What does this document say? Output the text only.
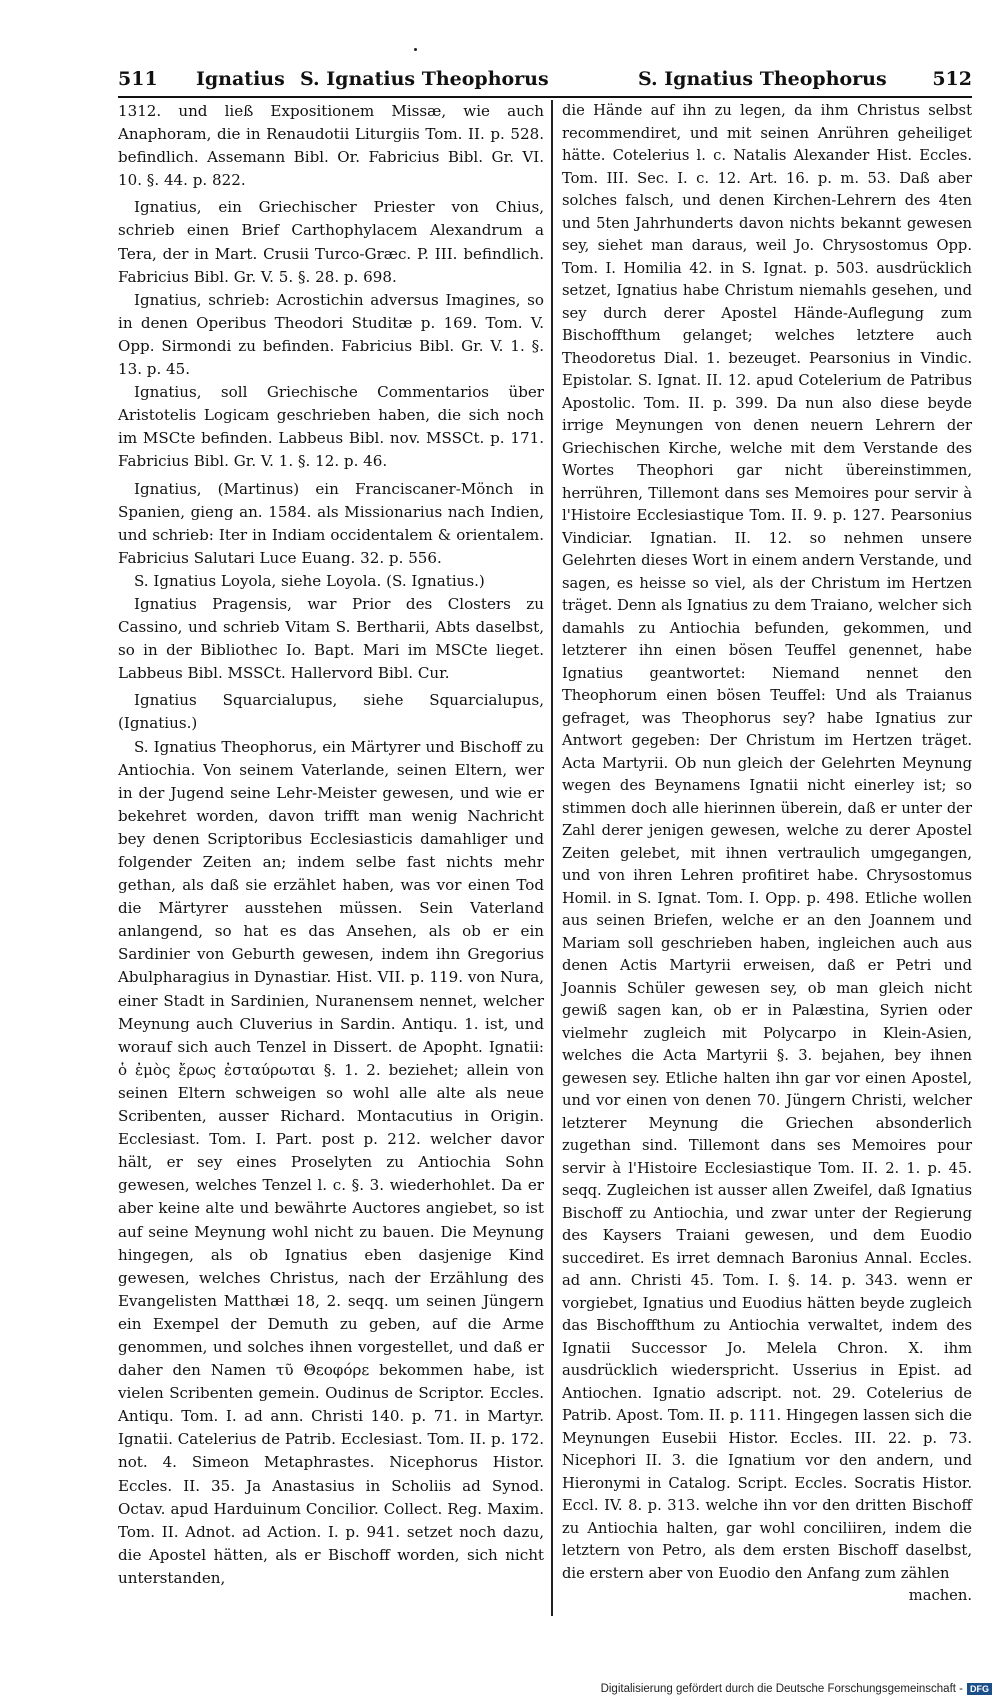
511 Ignatius S. Ignatius Theophorus	S. Ignatius Theophorus 512

1312. und ließ Expositionem Missæ, wie auch Anaphoram, die in Renaudotii Liturgiis Tom. II. p. 528. befindlich. Assemann Bibl. Or. Fabricius Bibl. Gr. VI. 10. §. 44. p. 822.

Ignatius, ein Griechischer Priester von Chius, schrieb einen Brief Carthophylacem Alexandrum a Tera, der in Mart. Crusii Turco-Græc. P. III. befindlich. Fabricius Bibl. Gr. V. 5. §. 28. p. 698.

Ignatius, schrieb: Acrostichin adversus Imagines, so in denen Operibus Theodori Studitæ p. 169. Tom. V. Opp. Sirmondi zu befinden. Fabricius Bibl. Gr. V. 1. §. 13. p. 45.

Ignatius, soll Griechische Commentarios über Aristotelis Logicam geschrieben haben, die sich noch im MSCte befinden. Labbeus Bibl. nov. MSSCt. p. 171. Fabricius Bibl. Gr. V. 1. §. 12. p. 46.

Ignatius, (Martinus) ein Franciscaner-Mönch in Spanien, gieng an. 1584. als Missionarius nach Indien, und schrieb: Iter in Indiam occidentalem & orientalem. Fabricius Salutari Luce Euang. 32. p. 556.

S. Ignatius Loyola, siehe Loyola. (S. Ignatius.)

Ignatius Pragensis, war Prior des Closters zu Cassino, und schrieb Vitam S. Bertharii, Abts daselbst, so in der Bibliothec Io. Bapt. Mari im MSCte lieget. Labbeus Bibl. MSSCt. Hallervord Bibl. Cur.

Ignatius Squarcialupus, siehe Squarcialupus, (Ignatius.)

S. Ignatius Theophorus, ein Märtyrer und Bischoff zu Antiochia. Von seinem Vaterlande, seinen Eltern, wer in der Jugend seine Lehr-Meister gewesen, und wie er bekehret worden, davon trifft man wenig Nachricht bey denen Scriptoribus Ecclesiasticis damahliger und folgender Zeiten an; indem selbe fast nichts mehr gethan, als daß sie erzählet haben, was vor einen Tod die Märtyrer ausstehen müssen. Sein Vaterland anlangend, so hat es das Ansehen, als ob er ein Sardinier von Geburth gewesen, indem ihn Gregorius Abulpharagius in Dynastiar. Hist. VII. p. 119. von Nura, einer Stadt in Sardinien, Nuranensem nennet, welcher Meynung auch Cluverius in Sardin. Antiqu. 1. ist, und worauf sich auch Tenzel in Dissert. de Apopht. Ignatii: ὁ ἐμὸς ἔρως ἐσταύρωται §. 1. 2. beziehet; allein von seinen Eltern schweigen so wohl alle alte als neue Scribenten, ausser Richard. Montacutius in Origin. Ecclesiast. Tom. I. Part. post p. 212. welcher davor hält, er sey eines Proselyten zu Antiochia Sohn gewesen, welches Tenzel l. c. §. 3. wiederhohlet. Da er aber keine alte und bewährte Auctores angiebet, so ist auf seine Meynung wohl nicht zu bauen. Die Meynung hingegen, als ob Ignatius eben dasjenige Kind gewesen, welches Christus, nach der Erzählung des Evangelisten Matthæi 18, 2. seqq. um seinen Jüngern ein Exempel der Demuth zu geben, auf die Arme genommen, und solches ihnen vorgestellet, und daß er daher den Namen τῦ Θεοφόρε bekommen habe, ist vielen Scribenten gemein. Oudinus de Scriptor. Eccles. Antiqu. Tom. I. ad ann. Christi 140. p. 71. in Martyr. Ignatii. Catelerius de Patrib. Ecclesiast. Tom. II. p. 172. not. 4. Simeon Metaphrastes. Nicephorus Histor. Eccles. II. 35. Ja Anastasius in Scholiis ad Synod. Octav. apud Harduinum Concilior. Collect. Reg. Maxim. Tom. II. Adnot. ad Action. I. p. 941. setzet noch dazu, die Apostel hätten, als er Bischoff worden, sich nicht unterstanden,

die Hände auf ihn zu legen, da ihm Christus selbst recommendiret, und mit seinen Anrühren geheiliget hätte. Cotelerius l. c. Natalis Alexander Hist. Eccles. Tom. III. Sec. I. c. 12. Art. 16. p. m. 53. Daß aber solches falsch, und denen Kirchen-Lehrern des 4ten und 5ten Jahrhunderts davon nichts bekannt gewesen sey, siehet man daraus, weil Jo. Chrysostomus Opp. Tom. I. Homilia 42. in S. Ignat. p. 503. ausdrücklich setzet, Ignatius habe Christum niemahls gesehen, und sey durch derer Apostel Hände-Auflegung zum Bischoffthum gelanget; welches letztere auch Theodoretus Dial. 1. bezeuget. Pearsonius in Vindic. Epistolar. S. Ignat. II. 12. apud Cotelerium de Patribus Apostolic. Tom. II. p. 399. Da nun also diese beyde irrige Meynungen von denen neuern Lehrern der Griechischen Kirche, welche mit dem Verstande des Wortes Theophori gar nicht übereinstimmen, herrühren, Tillemont dans ses Memoires pour servir à l'Histoire Ecclesiastique Tom. II. 9. p. 127. Pearsonius Vindiciar. Ignatian. II. 12. so nehmen unsere Gelehrten dieses Wort in einem andern Verstande, und sagen, es heisse so viel, als der Christum im Hertzen träget. Denn als Ignatius zu dem Traiano, welcher sich damahls zu Antiochia befunden, gekommen, und letzterer ihn einen bösen Teuffel genennet, habe Ignatius geantwortet: Niemand nennet den Theophorum einen bösen Teuffel: Und als Traianus gefraget, was Theophorus sey? habe Ignatius zur Antwort gegeben: Der Christum im Hertzen träget. Acta Martyrii. Ob nun gleich der Gelehrten Meynung wegen des Beynamens Ignatii nicht einerley ist; so stimmen doch alle hierinnen überein, daß er unter der Zahl derer jenigen gewesen, welche zu derer Apostel Zeiten gelebet, mit ihnen vertraulich umgegangen, und von ihren Lehren profitiret habe. Chrysostomus Homil. in S. Ignat. Tom. I. Opp. p. 498. Etliche wollen aus seinen Briefen, welche er an den Joannem und Mariam soll geschrieben haben, ingleichen auch aus denen Actis Martyrii erweisen, daß er Petri und Joannis Schüler gewesen sey, ob man gleich nicht gewiß sagen kan, ob er in Palæstina, Syrien oder vielmehr zugleich mit Polycarpo in Klein-Asien, welches die Acta Martyrii §. 3. bejahen, bey ihnen gewesen sey. Etliche halten ihn gar vor einen Apostel, und vor einen von denen 70. Jüngern Christi, welcher letzterer Meynung die Griechen absonderlich zugethan sind. Tillemont dans ses Memoires pour servir à l'Histoire Ecclesiastique Tom. II. 2. 1. p. 45. seqq. Zugleichen ist ausser allen Zweifel, daß Ignatius Bischoff zu Antiochia, und zwar unter der Regierung des Kaysers Traiani gewesen, und dem Euodio succediret. Es irret demnach Baronius Annal. Eccles. ad ann. Christi 45. Tom. I. §. 14. p. 343. wenn er vorgiebet, Ignatius und Euodius hätten beyde zugleich das Bischoffthum zu Antiochia verwaltet, indem des Ignatii Successor Jo. Melela Chron. X. ihm ausdrücklich wiederspricht. Usserius in Epist. ad Antiochen. Ignatio adscript. not. 29. Cotelerius de Patrib. Apost. Tom. II. p. 111. Hingegen lassen sich die Meynungen Eusebii Histor. Eccles. III. 22. p. 73. Nicephori II. 3. die Ignatium vor den andern, und Hieronymi in Catalog. Script. Eccles. Socratis Histor. Eccl. IV. 8. p. 313. welche ihn vor den dritten Bischoff zu Antiochia halten, gar wohl conciliiren, indem die letztern von Petro, als dem ersten Bischoff daselbst, die erstern aber von Euodio den Anfang zum zählen

machen.

Digitalisierung gefördert durch die Deutsche Forschungsgemeinschaft - DFG
